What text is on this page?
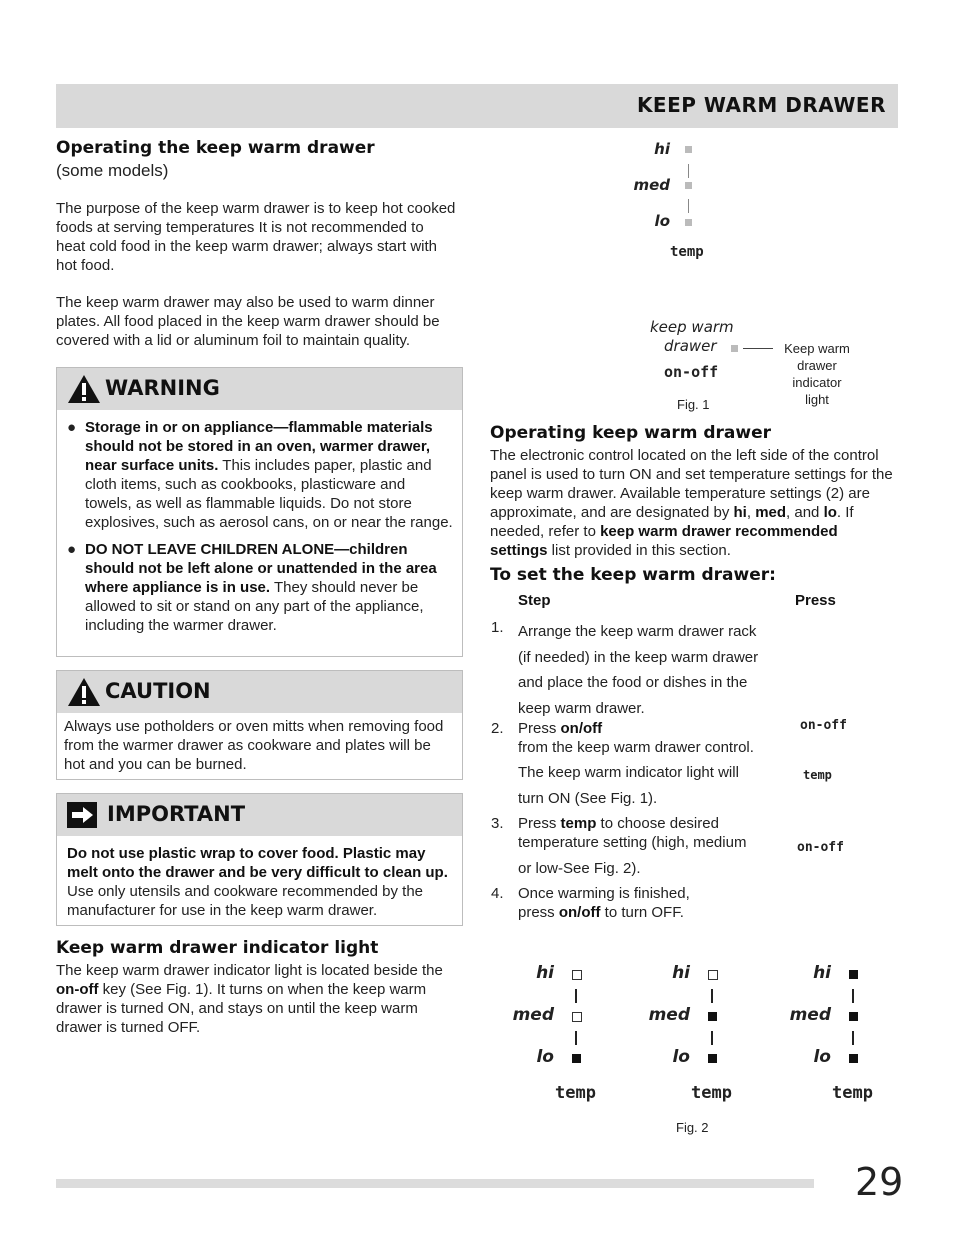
KEEP WARM DRAWER
Operating the keep warm drawer
(some models)
The purpose of the keep warm drawer is to keep hot cooked foods at serving temperatures It is not recommended to heat cold food in the keep warm drawer; always start with hot food.
The keep warm drawer may also be used to warm dinner plates. All food placed in the keep warm drawer should be covered with a lid or aluminum foil to maintain quality.
WARNING
● Storage in or on appliance—flammable materials should not be stored in an oven, warmer drawer, near surface units. This includes paper, plastic and cloth items, such as cookbooks, plasticware and towels, as well as flammable liquids. Do not store explosives, such as aerosol cans, on or near the range.
● DO NOT LEAVE CHILDREN ALONE—children should not be left alone or unattended in the area where appliance is in use. They should never be allowed to sit or stand on any part of the appliance, including the warmer drawer.
CAUTION
Always use potholders or oven mitts when removing food from the warmer drawer as cookware and plates will be hot and you can be burned.
IMPORTANT
Do not use plastic wrap to cover food. Plastic may melt onto the drawer and be very difficult to clean up. Use only utensils and cookware recommended by the manufacturer for use in the keep warm drawer.
Keep warm drawer indicator light
The keep warm drawer indicator light is located beside the on-off key (See Fig. 1). It turns on when the keep warm drawer is turned ON, and stays on until the keep warm drawer is turned OFF.
hi
med
lo
temp
keep warm
drawer
on-off
Keep warm
drawer
indicator
light
Fig. 1
Operating keep warm drawer
The electronic control located on the left side of the control panel is used to turn ON and set temperature settings for the keep warm drawer. Available temperature settings (2) are approximate, and are designated by hi, med, and lo. If needed, refer to keep warm drawer recommended settings list provided in this section.
To set the keep warm drawer:
Step	Press
1. Arrange the keep warm drawer rack
(if needed) in the keep warm drawer
and place the food or dishes in the
keep warm drawer.
2. Press on/off
from the keep warm drawer control.
The keep warm indicator light will
turn ON (See Fig. 1).
on-off
temp
3. Press temp to choose desired
temperature setting (high, medium
or low-See Fig. 2).
on-off
4. Once warming is finished,
press on/off to turn OFF.
hi
med
lo
temp
hi
med
lo
temp
hi
med
lo
temp
Fig. 2
29
